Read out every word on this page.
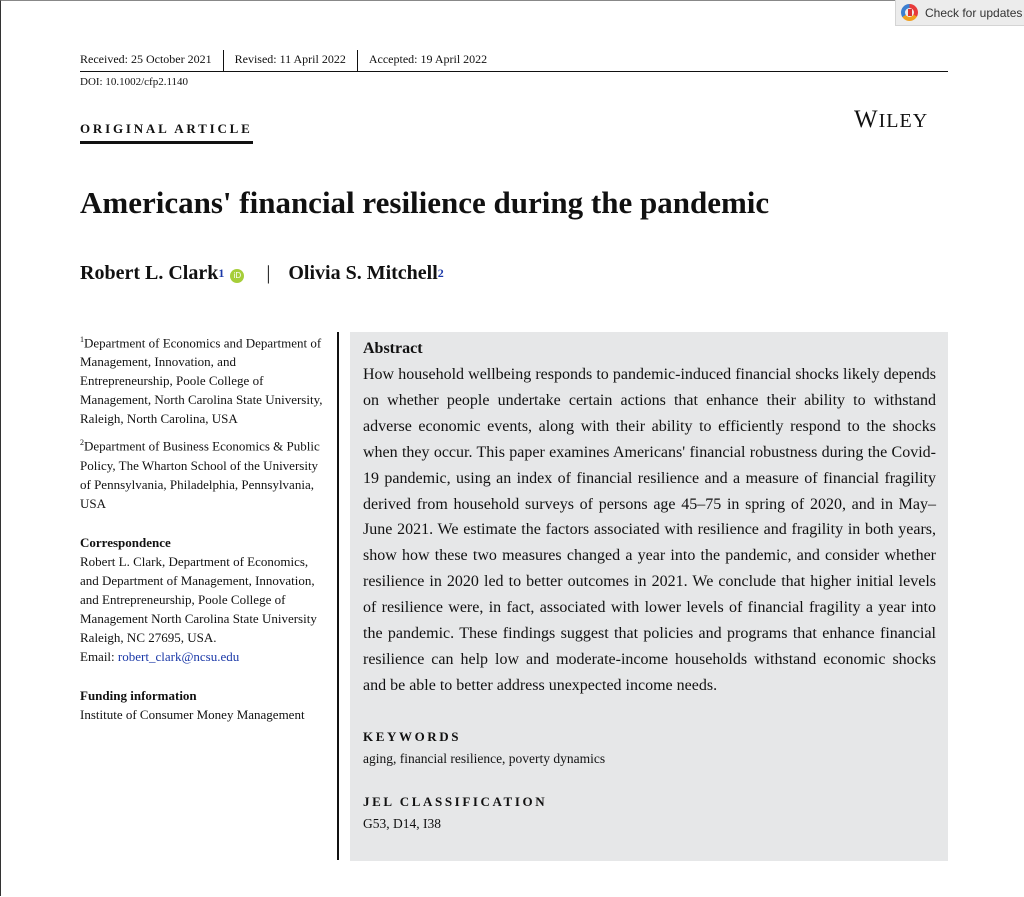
Check for updates
Received: 25 October 2021 Revised: 11 April 2022 Accepted: 19 April 2022
DOI: 10.1002/cfp2.1140
ORIGINAL ARTICLE	WILEY
Americans' financial resilience during the pandemic
Robert L. Clark$^1$	iD | Olivia S. Mitchell$^2$

$^1$Department of Economics and Department of Management, Innovation, and Entrepreneurship, Poole College of Management, North Carolina State University, Raleigh, North Carolina, USA

$^2$Department of Business Economics & Public Policy, The Wharton School of the University of Pennsylvania, Philadelphia, Pennsylvania, USA

Correspondence

Robert L. Clark, Department of Economics, and Department of Management, Innovation, and Entrepreneurship, Poole College of Management North Carolina State University Raleigh, NC 27695, USA.

Email: robert_clark@ncsu.edu

Funding information

Institute of Consumer Money Management

Abstract

How household wellbeing responds to pandemic-induced financial shocks likely depends on whether people undertake certain actions that enhance their ability to withstand adverse economic events, along with their ability to efficiently respond to the shocks when they occur. This paper examines Americans' financial robustness during the Covid-19 pandemic, using an index of financial resilience and a measure of financial fragility derived from household surveys of persons age 45–75 in spring of 2020, and in May–June 2021. We estimate the factors associated with resilience and fragility in both years, show how these two measures changed a year into the pandemic, and consider whether resilience in 2020 led to better outcomes in 2021. We conclude that higher initial levels of resilience were, in fact, associated with lower levels of financial fragility a year into the pandemic. These findings suggest that policies and programs that enhance financial resilience can help low and moderate-income households withstand economic shocks and be able to better address unexpected income needs.

KEYWORDS
aging, financial resilience, poverty dynamics
JEL CLASSIFICATION
G53, D14, I38
